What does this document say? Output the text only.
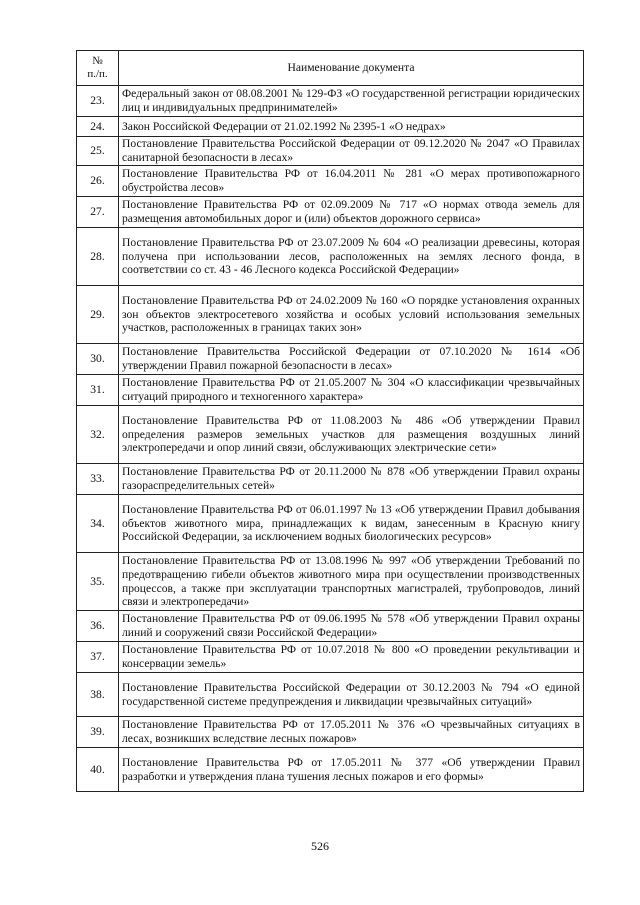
№
п./п.	Наименование документа
23.	Федеральный закон от 08.08.2001 № 129-ФЗ «О государственной регистрации юридических лиц и индивидуальных предпринимателей»
24.	Закон Российской Федерации от 21.02.1992 № 2395-1 «О недрах»
25.	Постановление Правительства Российской Федерации от 09.12.2020 № 2047 «О Правилах санитарной безопасности в лесах»
26.	Постановление Правительства РФ от 16.04.2011 № 281 «О мерах противопожарного обустройства лесов»
27.	Постановление Правительства РФ от 02.09.2009 № 717 «О нормах отвода земель для размещения автомобильных дорог и (или) объектов дорожного сервиса»
28.	Постановление Правительства РФ от 23.07.2009 № 604 «О реализации древесины, которая получена при использовании лесов, расположенных на землях лесного фонда, в соответствии со ст. 43 - 46 Лесного кодекса Российской Федерации»
29.	Постановление Правительства РФ от 24.02.2009 № 160 «О порядке установления охранных зон объектов электросетевого хозяйства и особых условий использования земельных участков, расположенных в границах таких зон»
30.	Постановление Правительства Российской Федерации от 07.10.2020 № 1614 «Об утверждении Правил пожарной безопасности в лесах»
31.	Постановление Правительства РФ от 21.05.2007 № 304 «О классификации чрезвычайных ситуаций природного и техногенного характера»
32.	Постановление Правительства РФ от 11.08.2003 № 486 «Об утверждении Правил определения размеров земельных участков для размещения воздушных линий электропередачи и опор линий связи, обслуживающих электрические сети»
33.	Постановление Правительства РФ от 20.11.2000 № 878 «Об утверждении Правил охраны газораспределительных сетей»
34.	Постановление Правительства РФ от 06.01.1997 № 13 «Об утверждении Правил добывания объектов животного мира, принадлежащих к видам, занесенным в Красную книгу Российской Федерации, за исключением водных биологических ресурсов»
35.	Постановление Правительства РФ от 13.08.1996 № 997 «Об утверждении Требований по предотвращению гибели объектов животного мира при осуществлении производственных процессов, а также при эксплуатации транспортных магистралей, трубопроводов, линий связи и электропередачи»
36.	Постановление Правительства РФ от 09.06.1995 № 578 «Об утверждении Правил охраны линий и сооружений связи Российской Федерации»
37.	Постановление Правительства РФ от 10.07.2018 № 800 «О проведении рекультивации и консервации земель»
38.	Постановление Правительства Российской Федерации от 30.12.2003 № 794 «О единой государственной системе предупреждения и ликвидации чрезвычайных ситуаций»
39.	Постановление Правительства РФ от 17.05.2011 № 376 «О чрезвычайных ситуациях в лесах, возникших вследствие лесных пожаров»
40.	Постановление Правительства РФ от 17.05.2011 № 377 «Об утверждении Правил разработки и утверждения плана тушения лесных пожаров и его формы»
526
